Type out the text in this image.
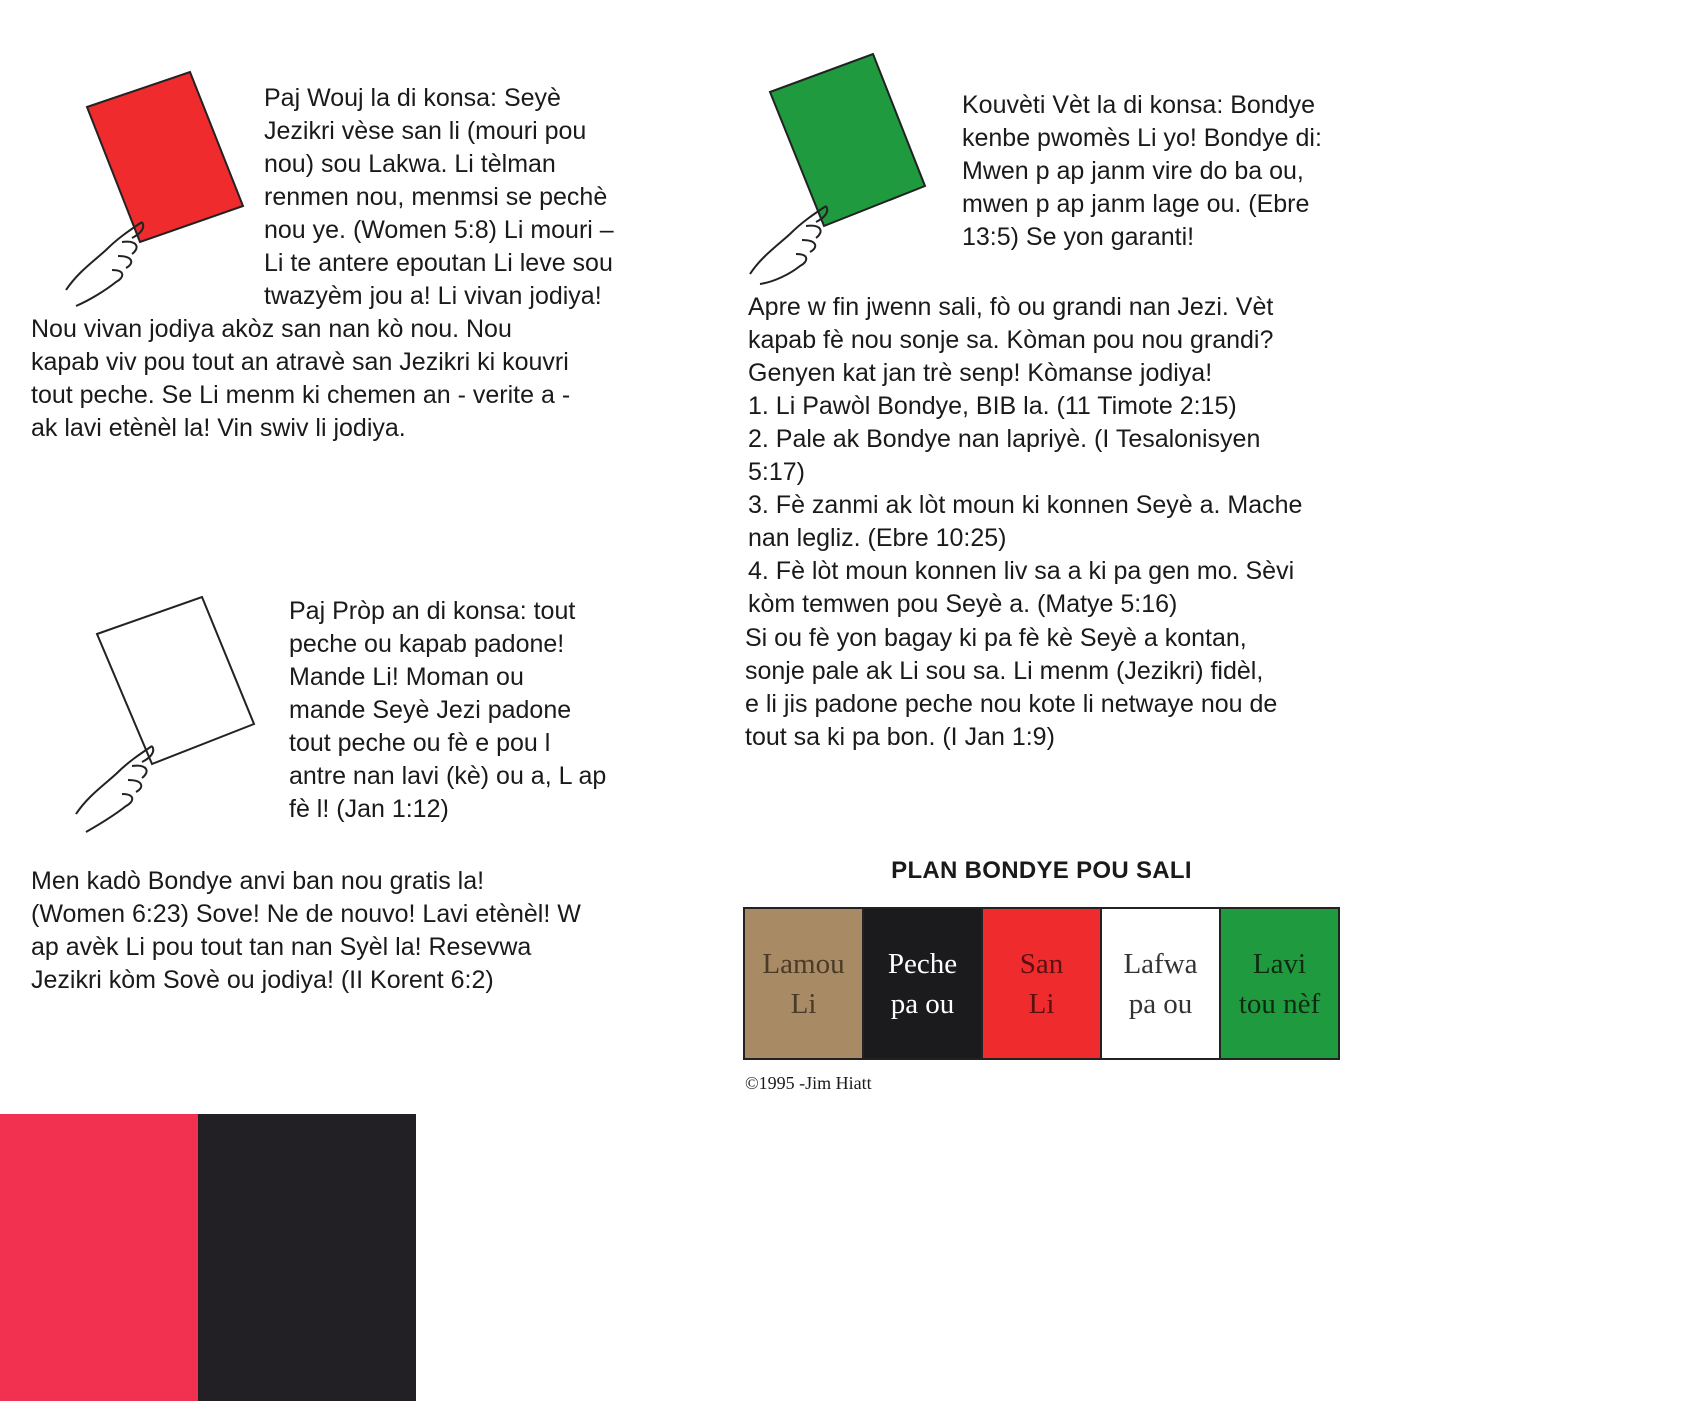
Paj Wouj la di konsa: Seyè
Jezikri vèse san li (mouri pou
nou) sou Lakwa. Li tèlman
renmen nou, menmsi se pechè
nou ye. (Women 5:8) Li mouri –
Li te antere epoutan Li leve sou
twazyèm jou a! Li vivan jodiya!
Nou vivan jodiya akòz san nan kò nou. Nou
kapab viv pou tout an atravè san Jezikri ki kouvri
tout peche. Se Li menm ki chemen an - verite a -
ak lavi etènèl la! Vin swiv li jodiya.
Paj Pròp an di konsa: tout
peche ou kapab padone!
Mande Li! Moman ou
mande Seyè Jezi padone
tout peche ou fè e pou l
antre nan lavi (kè) ou a, L ap
fè l! (Jan 1:12)
Men kadò Bondye anvi ban nou gratis la!
(Women 6:23) Sove! Ne de nouvo! Lavi etènèl! W
ap avèk Li pou tout tan nan Syèl la! Resevwa
Jezikri kòm Sovè ou jodiya! (II Korent 6:2)
Kouvèti Vèt la di konsa: Bondye
kenbe pwomès Li yo! Bondye di:
Mwen p ap janm vire do ba ou,
mwen p ap janm lage ou. (Ebre
13:5) Se yon garanti!
Apre w fin jwenn sali, fò ou grandi nan Jezi. Vèt
kapab fè nou sonje sa. Kòman pou nou grandi?
Genyen kat jan trè senp! Kòmanse jodiya!
1. Li Pawòl Bondye, BIB la. (11 Timote 2:15)
2. Pale ak Bondye nan lapriyè. (I Tesalonisyen
5:17)
3. Fè zanmi ak lòt moun ki konnen Seyè a. Mache
nan legliz. (Ebre 10:25)
4. Fè lòt moun konnen liv sa a ki pa gen mo. Sèvi
kòm temwen pou Seyè a. (Matye 5:16)
Si ou fè yon bagay ki pa fè kè Seyè a kontan,
sonje pale ak Li sou sa. Li menm (Jezikri) fidèl,
e li jis padone peche nou kote li netwaye nou de
tout sa ki pa bon. (I Jan 1:9)
PLAN BONDYE POU SALI
Lamou
Li
Peche
pa ou
San
Li
Lafwa
pa ou
Lavi
tou nèf

©1995 -Jim Hiatt
